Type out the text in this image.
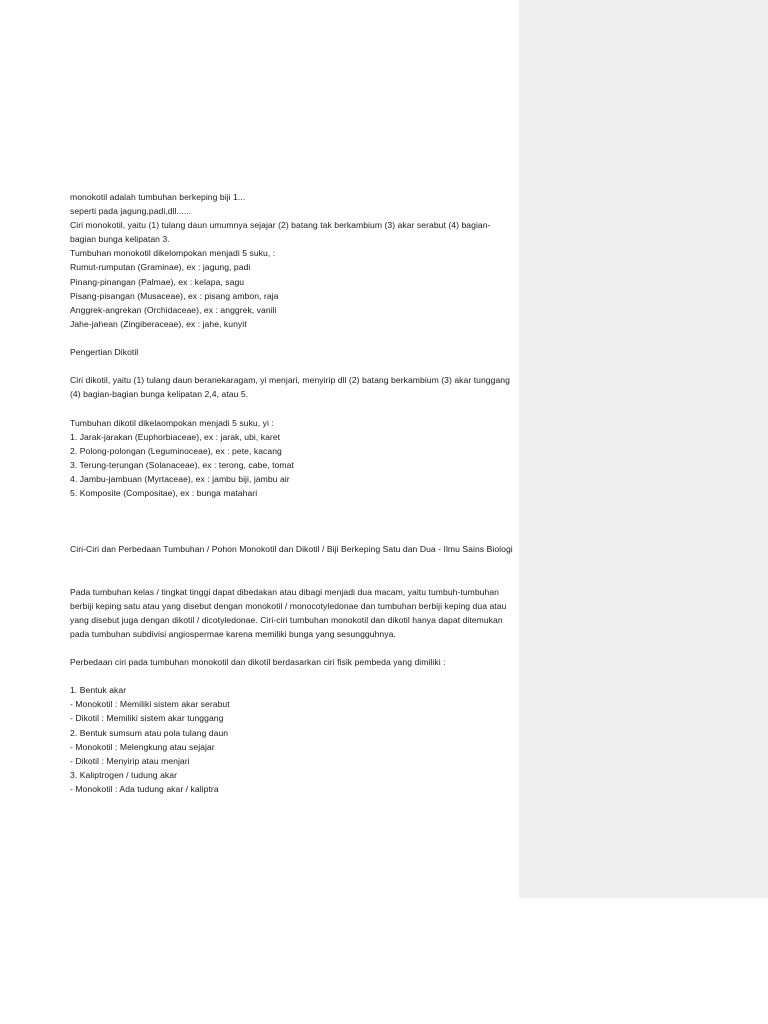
monokotil adalah tumbuhan berkeping biji 1...

seperti pada jagung,padi,dll......

Ciri monokotil, yaitu (1) tulang daun umumnya sejajar (2) batang tak berkambium (3) akar serabut (4) bagian-bagian bunga kelipatan 3.

Tumbuhan monokotil dikelompokan menjadi 5 suku, :

Rumut-rumputan (Graminae), ex : jagung, padi

Pinang-pinangan (Palmae), ex : kelapa, sagu

Pisang-pisangan (Musaceae), ex : pisang ambon, raja

Anggrek-angrekan (Orchidaceae), ex : anggrek, vanili

Jahe-jahean (Zingiberaceae), ex : jahe, kunyit

Pengertian Dikotil

Ciri dikotil, yaitu (1) tulang daun beranekaragam, yi menjari, menyirip dll (2) batang berkambium (3) akar tunggang (4) bagian-bagian bunga kelipatan 2,4, atau 5.

Tumbuhan dikotil dikelaompokan menjadi 5 suku, yi :

1. Jarak-jarakan (Euphorbiaceae), ex : jarak, ubi, karet

2. Polong-polongan (Leguminoceae), ex : pete, kacang

3. Terung-terungan (Solanaceae), ex : terong, cabe, tomat

4. Jambu-jambuan (Myrtaceae), ex : jambu biji, jambu air

5. Komposite (Compositae), ex : bunga matahari

Ciri-Ciri dan Perbedaan Tumbuhan / Pohon Monokotil dan Dikotil / Biji Berkeping Satu dan Dua - Ilmu Sains Biologi

Pada tumbuhan kelas / tingkat tinggi dapat dibedakan atau dibagi menjadi dua macam, yaitu tumbuh-tumbuhan berbiji keping satu atau yang disebut dengan monokotil / monocotyledonae dan tumbuhan berbiji keping dua atau yang disebut juga dengan dikotil / dicotyledonae. Ciri-ciri tumbuhan monokotil dan dikotil hanya dapat ditemukan pada tumbuhan subdivisi angiospermae karena memiliki bunga yang sesungguhnya.

Perbedaan ciri pada tumbuhan monokotil dan dikotil berdasarkan ciri fisik pembeda yang dimiliki :

1. Bentuk akar

- Monokotil : Memiliki sistem akar serabut

- Dikotil : Memiliki sistem akar tunggang

2. Bentuk sumsum atau pola tulang daun

- Monokotil : Melengkung atau sejajar

- Dikotil : Menyirip atau menjari

3. Kaliptrogen / tudung akar

- Monokotil : Ada tudung akar / kaliptra
